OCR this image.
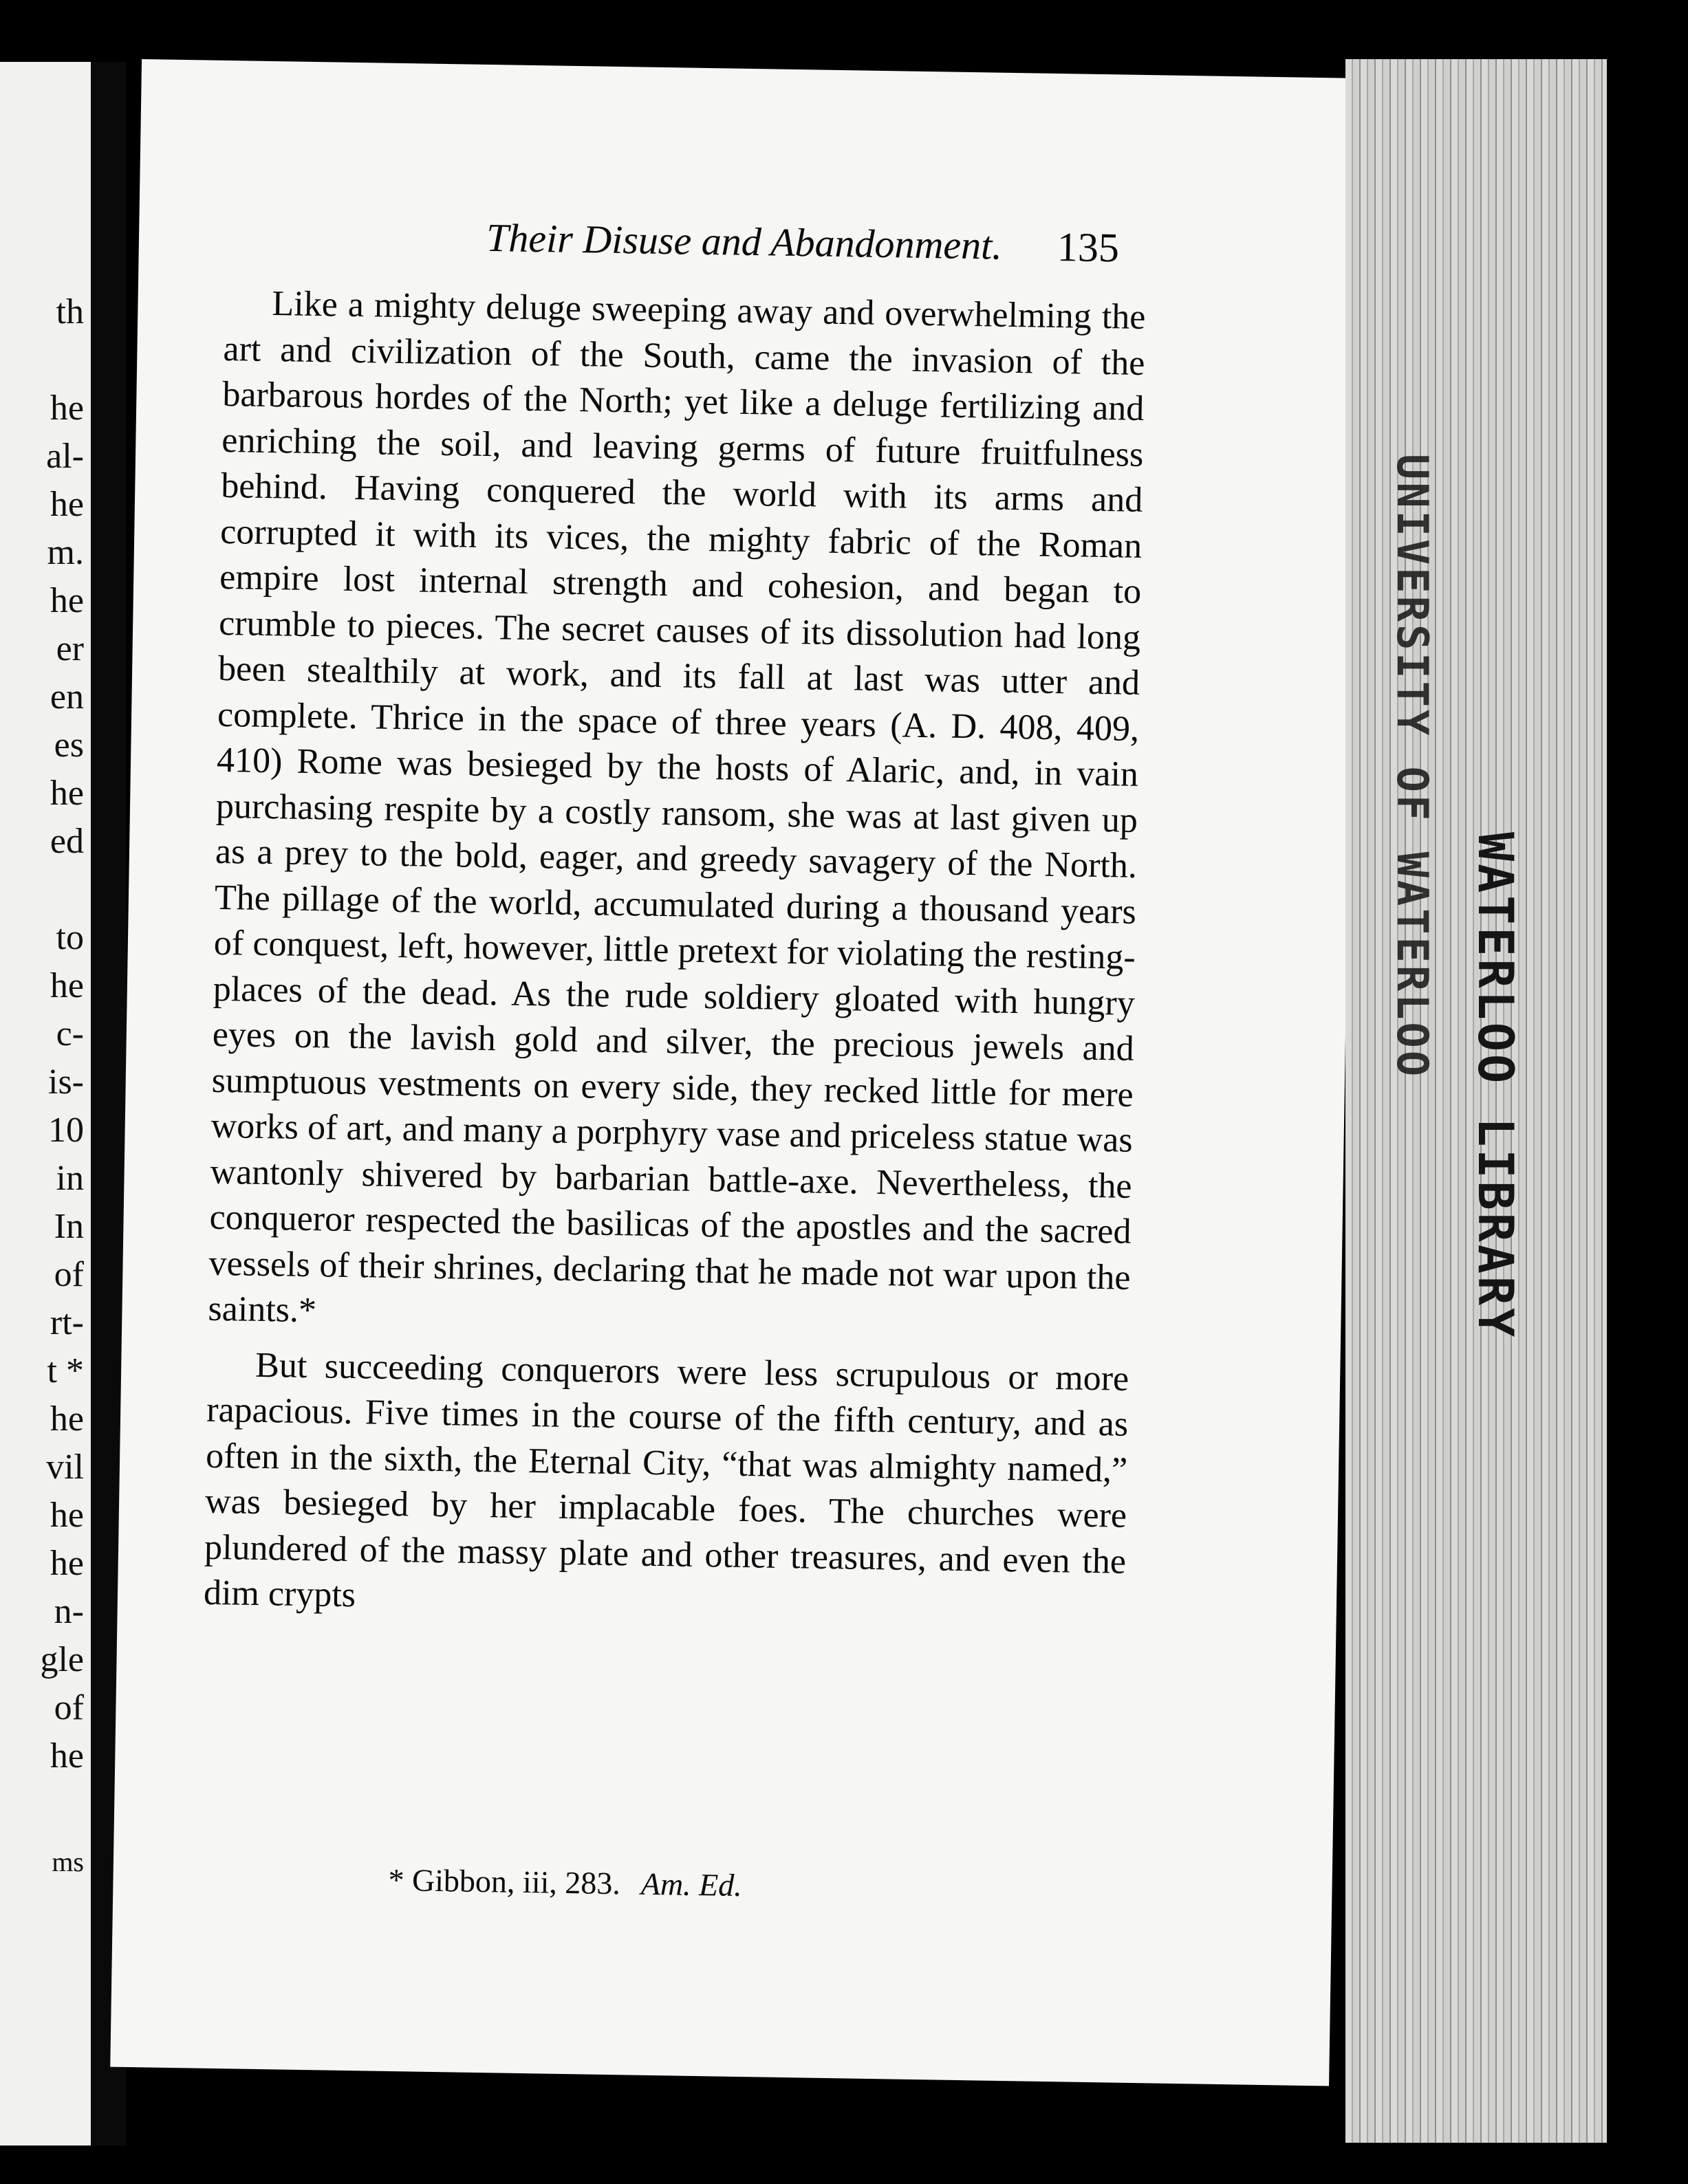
th
he
al-
he
m.
he
er
en
es
he
ed
to
he
c-
is-
10
in
In
of
rt-
t *
he
vil
he
he
n-
gle
of
he
ms
Their Disuse and Abandonment.	135

Like a mighty deluge sweeping away and overwhelming the art and civilization of the South, came the invasion of the barbarous hordes of the North; yet like a deluge fertilizing and enriching the soil, and leaving germs of future fruitfulness behind. Having conquered the world with its arms and corrupted it with its vices, the mighty fabric of the Roman empire lost internal strength and cohesion, and began to crumble to pieces. The secret causes of its dissolution had long been stealthily at work, and its fall at last was utter and complete. Thrice in the space of three years (A. D. 408, 409, 410) Rome was besieged by the hosts of Alaric, and, in vain purchasing respite by a costly ransom, she was at last given up as a prey to the bold, eager, and greedy savagery of the North. The pillage of the world, accumulated during a thousand years of conquest, left, however, little pretext for violating the resting-places of the dead. As the rude soldiery gloated with hungry eyes on the lavish gold and silver, the precious jewels and sumptuous vestments on every side, they recked little for mere works of art, and many a porphyry vase and priceless statue was wantonly shivered by barbarian battle-axe. Nevertheless, the conqueror respected the basilicas of the apostles and the sacred vessels of their shrines, declaring that he made not war upon the saints.*

But succeeding conquerors were less scrupulous or more rapacious. Five times in the course of the fifth century, and as often in the sixth, the Eternal City, “that was almighty named,” was besieged by her implacable foes. The churches were plundered of the massy plate and other treasures, and even the dim crypts

* Gibbon, iii, 283. Am. Ed.
UNIVERSITY OF WATERLOO
WATERLOO LIBRARY
